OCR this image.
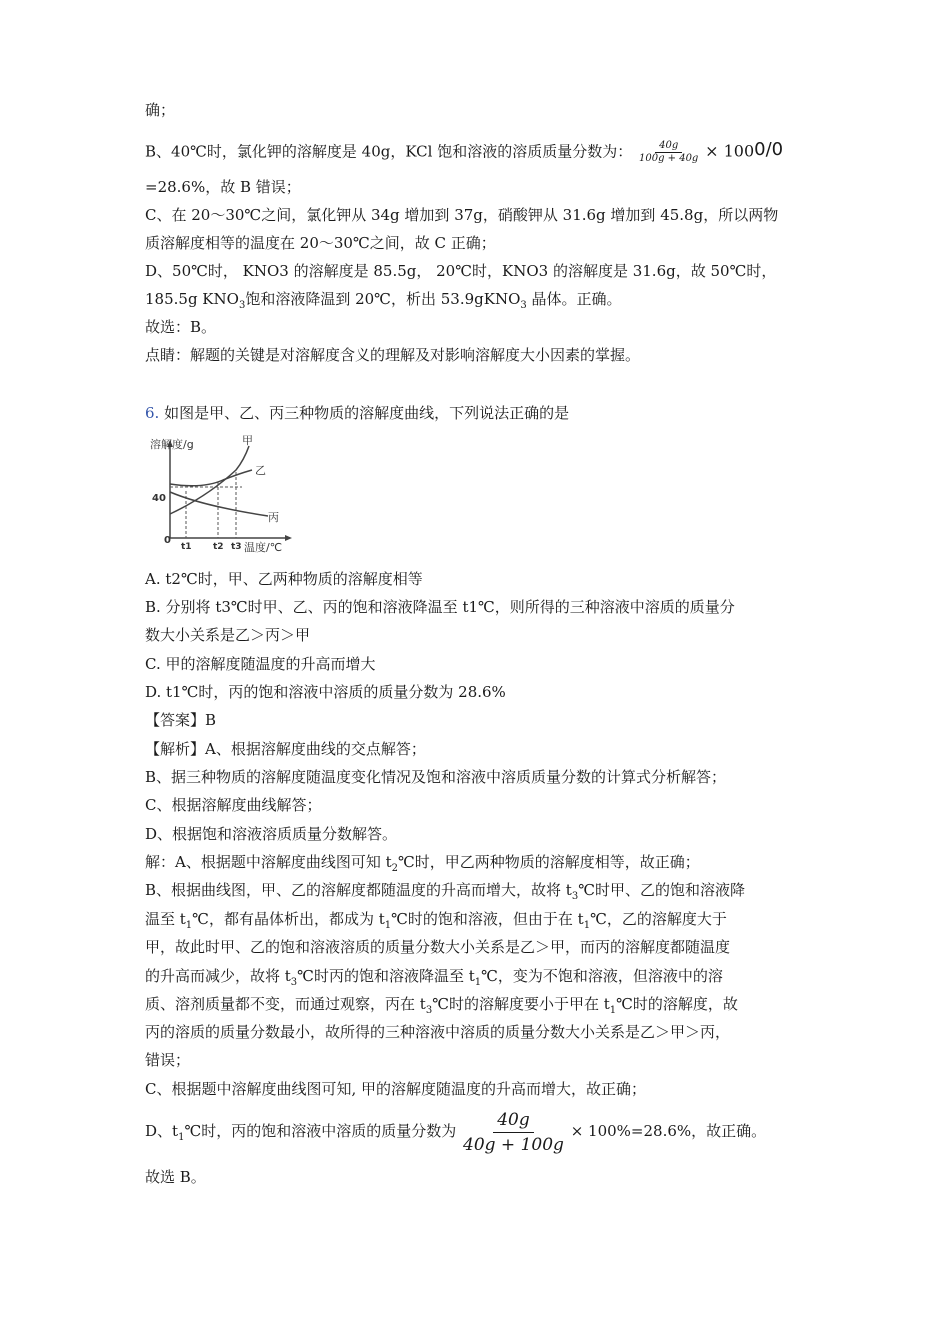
确；
B、40℃时，氯化钾的溶解度是 40g，KCl 饱和溶液的溶质质量分数为： $\frac{40g}{100g + 40g} \times 1000/0$
=28.6%，故 B 错误；
C、在 20～30℃之间，氯化钾从 34g 增加到 37g，硝酸钾从 31.6g 增加到 45.8g，所以两物
质溶解度相等的温度在 20～30℃之间，故 C 正确；
D、50℃时， KNO3 的溶解度是 85.5g， 20℃时，KNO3 的溶解度是 31.6g，故 50℃时，
185.5g $KNO_3$饱和溶液降温到 20℃，析出 53.9gKNO$_3$ 晶体。正确。
故选：B。
点睛：解题的关键是对溶解度含义的理解及对影响溶解度大小因素的掌握。
6. 如图是甲、乙、丙三种物质的溶解度曲线，下列说法正确的是
溶解度/g
温度/℃
0
40
甲
乙
丙
t1 t2 t3
A. t2℃时，甲、乙两种物质的溶解度相等
B. 分别将 t3℃时甲、乙、丙的饱和溶液降温至 t1℃，则所得的三种溶液中溶质的质量分
数大小关系是乙＞丙＞甲
C. 甲的溶解度随温度的升高而增大
D. t1℃时，丙的饱和溶液中溶质的质量分数为 28.6%
【答案】B
【解析】A、根据溶解度曲线的交点解答；
B、据三种物质的溶解度随温度变化情况及饱和溶液中溶质质量分数的计算式分析解答；
C、根据溶解度曲线解答；
D、根据饱和溶液溶质质量分数解答。
解：A、根据题中溶解度曲线图可知 $t_2℃$时，甲乙两种物质的溶解度相等，故正确；
B、根据曲线图，甲、乙的溶解度都随温度的升高而增大，故将 $t_3℃$时甲、乙的饱和溶液降
温至 $t_1℃$，都有晶体析出，都成为 $t_1℃$时的饱和溶液，但由于在 $t_1℃$，乙的溶解度大于
甲，故此时甲、乙的饱和溶液溶质的质量分数大小关系是乙＞甲，而丙的溶解度都随温度
的升高而减少，故将 $t_3℃$时丙的饱和溶液降温至 $t_1℃$，变为不饱和溶液，但溶液中的溶
质、溶剂质量都不变，而通过观察，丙在 $t_3℃$时的溶解度要小于甲在 $t_1℃$时的溶解度，故
丙的溶质的质量分数最小，故所得的三种溶液中溶质的质量分数大小关系是乙＞甲＞丙，
错误；
C、根据题中溶解度曲线图可知, 甲的溶解度随温度的升高而增大，故正确；
D、$t_1℃$时，丙的饱和溶液中溶质的质量分数为 $\frac{40g}{40g + 100g} \times 100\%=28.6\%$，故正确。
故选 B。
